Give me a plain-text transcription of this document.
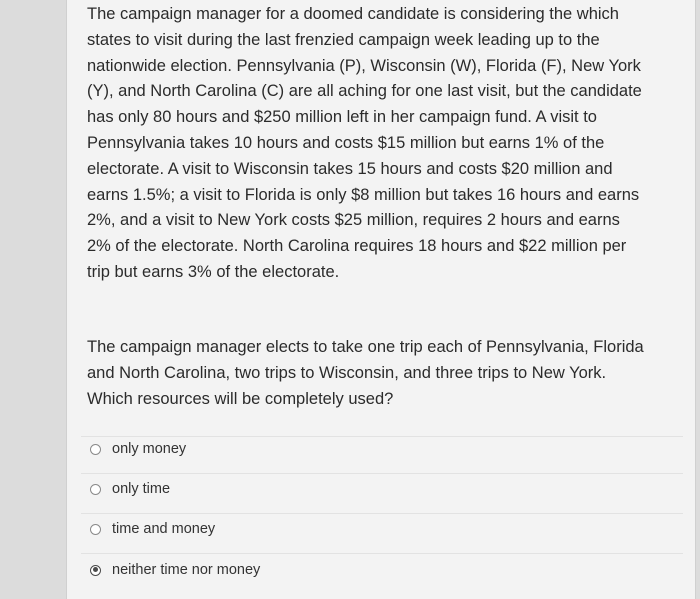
The campaign manager for a doomed candidate is considering the which states to visit during the last frenzied campaign week leading up to the nationwide election. Pennsylvania (P), Wisconsin (W), Florida (F), New York (Y), and North Carolina (C) are all aching for one last visit, but the candidate has only 80 hours and $250 million left in her campaign fund. A visit to Pennsylvania takes 10 hours and costs $15 million but earns 1% of the electorate. A visit to Wisconsin takes 15 hours and costs $20 million and earns 1.5%; a visit to Florida is only $8 million but takes 16 hours and earns 2%, and a visit to New York costs $25 million, requires 2 hours and earns 2% of the electorate. North Carolina requires 18 hours and $22 million per trip but earns 3% of the electorate.

The campaign manager elects to take one trip each of Pennsylvania, Florida and North Carolina, two trips to Wisconsin, and three trips to New York. Which resources will be completely used?

only money
only time
time and money
neither time nor money
